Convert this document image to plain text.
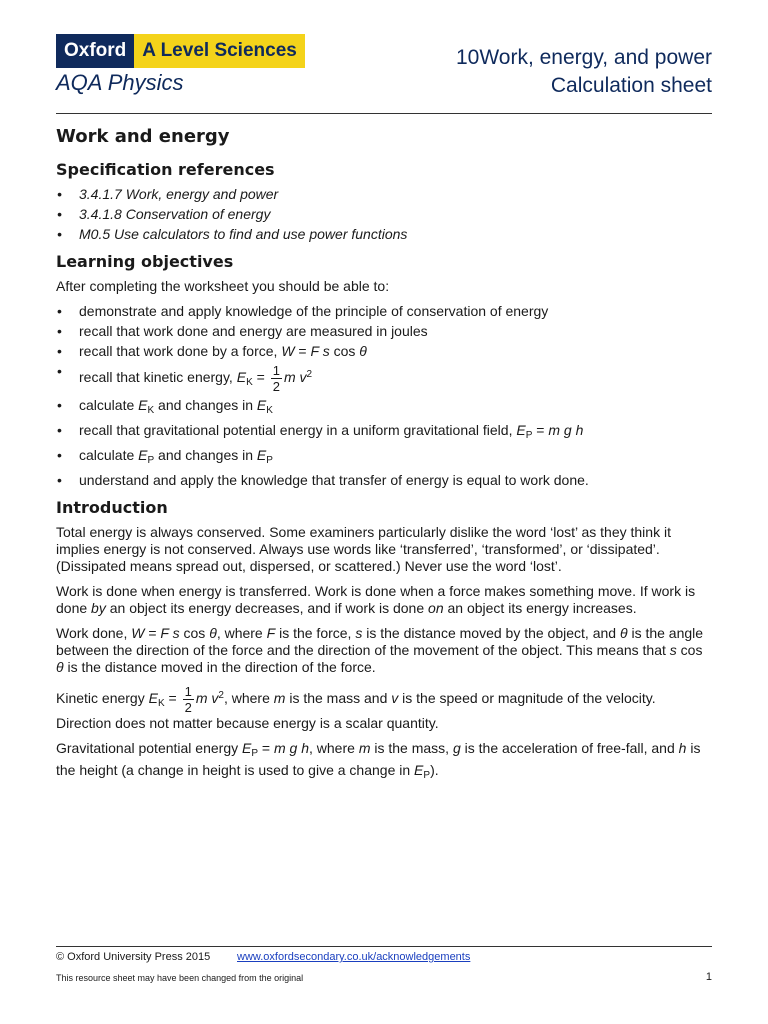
Oxford A Level Sciences
AQA Physics
10Work, energy, and power
Calculation sheet
Work and energy
Specification references
• 3.4.1.7 Work, energy and power
• 3.4.1.8 Conservation of energy
• M0.5 Use calculators to find and use power functions
Learning objectives

After completing the worksheet you should be able to:

• demonstrate and apply knowledge of the principle of conservation of energy
• recall that work done and energy are measured in joules
• recall that work done by a force, W = F s cos θ
• recall that kinetic energy, $E_K = \frac{1}{2}$ m $v^2$
• calculate $E_K$ and changes in $E_K$
• recall that gravitational potential energy in a uniform gravitational field, $E_P = m$ g h
• calculate $E_P$ and changes in $E_P$
• understand and apply the knowledge that transfer of energy is equal to work done.
Introduction

Total energy is always conserved. Some examiners particularly dislike the word ‘lost’ as they think it implies energy is not conserved. Always use words like ‘transferred’, ‘transformed’, or ‘dissipated’. (Dissipated means spread out, dispersed, or scattered.) Never use the word ‘lost’.

Work is done when energy is transferred. Work is done when a force makes something move. If work is done by an object its energy decreases, and if work is done on an object its energy increases.

Work done, W = F s cos θ, where F is the force, s is the distance moved by the object, and θ is the angle between the direction of the force and the direction of the movement of the object. This means that s cos θ is the distance moved in the direction of the force.

Kinetic energy $E_K = \frac{1}{2}$ m $v^2$, where m is the mass and v is the speed or magnitude of the velocity. Direction does not matter because energy is a scalar quantity.

Gravitational potential energy $E_P = m$ g h, where m is the mass, g is the acceleration of free-fall, and h is the height (a change in height is used to give a change in $E_P$).

© Oxford University Press 2015 www.oxfordsecondary.co.uk/acknowledgements
This resource sheet may have been changed from the original	1
